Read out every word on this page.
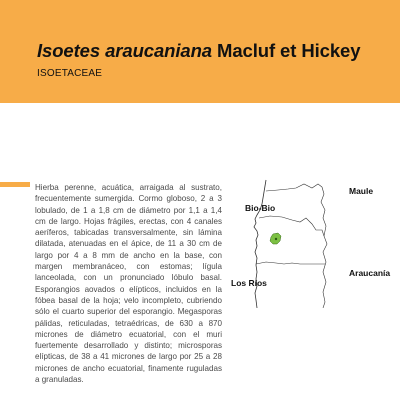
Isoetes araucaniana Macluf et Hickey
ISOETACEAE

Hierba perenne, acuática, arraigada al sustrato, frecuentemente sumergida. Cormo globoso, 2 a 3 lobulado, de 1 a 1,8 cm de diámetro por 1,1 a 1,4 cm de largo. Hojas frágiles, erectas, con 4 canales aeríferos, tabicadas transversalmente, sin lámina dilatada, atenuadas en el ápice, de 11 a 30 cm de largo por 4 a 8 mm de ancho en la base, con margen membranáceo, con estomas; lígula lanceolada, con un pronunciado lóbulo basal. Esporangios aovados o elípticos, incluidos en la fóbea basal de la hoja; velo incompleto, cubriendo sólo el cuarto superior del esporangio. Megasporas pálidas, reticuladas, tetraédricas, de 630 a 870 micrones de diámetro ecuatorial, con el muri fuertemente desarrollado y distinto; microsporas elípticas, de 38 a 41 micrones de largo por 25 a 28 micrones de ancho ecuatorial, finamente ruguladas a granuladas.

Maule
Bio-Bio
Araucanía
Los Ríos
